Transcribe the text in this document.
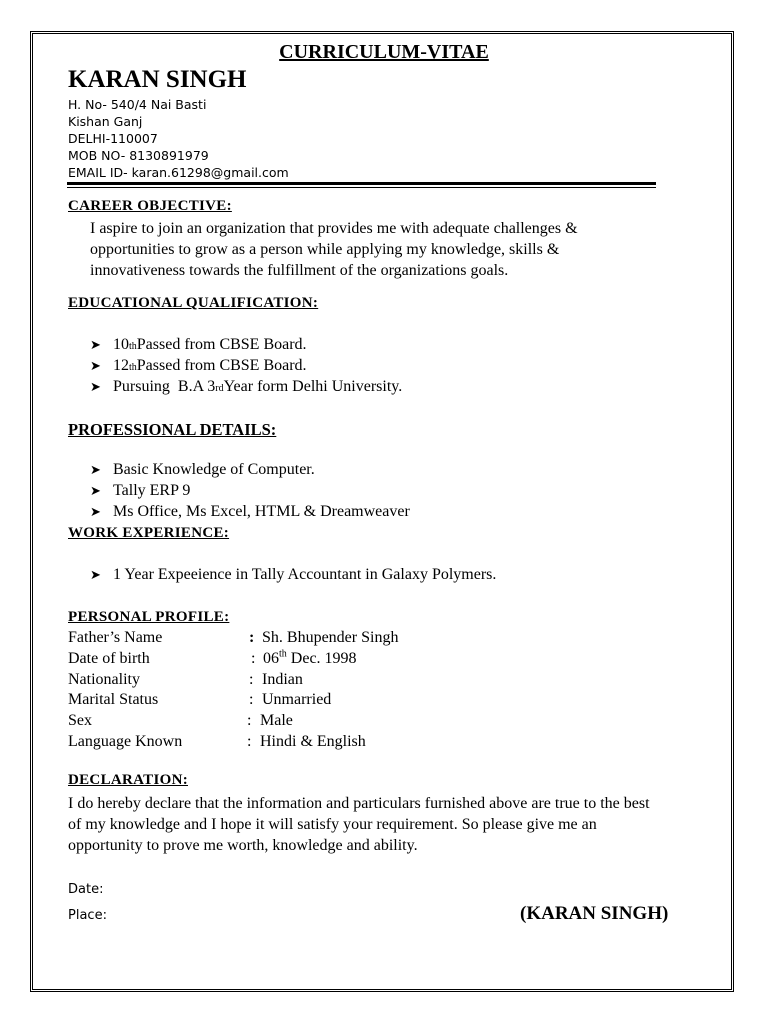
CURRICULUM-VITAE

KARAN SINGH

H. No- 540/4 Nai Basti

Kishan Ganj

DELHI-110007

MOB NO- 8130891979

EMAIL ID- karan.61298@gmail.com

CAREER OBJECTIVE:

I aspire to join an organization that provides me with adequate challenges &

opportunities to grow as a person while applying my knowledge, skills &

innovativeness towards the fulfillment of the organizations goals.

EDUCATIONAL QUALIFICATION:

➤ 10 th Passed from CBSE Board.
➤ 12 th Passed from CBSE Board.
➤ Pursuing  B.A 3 rd Year form Delhi University.

PROFESSIONAL DETAILS:

➤ Basic Knowledge of Computer.
➤ Tally ERP 9
➤ Ms Office, Ms Excel, HTML & Dreamweaver

WORK EXPERIENCE:

➤ 1 Year Expeeience in Tally Accountant in Galaxy Polymers.

PERSONAL PROFILE:

Father’s Name	: Sh. Bhupender Singh
Date of birth	: 06th Dec. 1998
Nationality	: Indian
Marital Status	: Unmarried
Sex	: Male
Language Known	: Hindi & English

DECLARATION:

I do hereby declare that the information and particulars furnished above are true to the best

of my knowledge and I hope it will satisfy your requirement. So please give me an

opportunity to prove me worth, knowledge and ability.

Date:

Place:	(KARAN SINGH)
